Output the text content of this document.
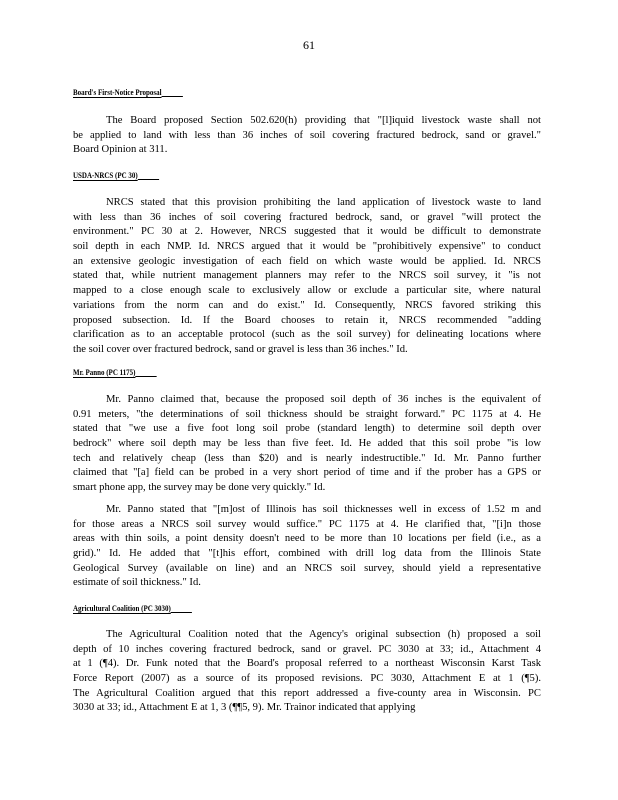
61
Board's First-Notice Proposal
The Board proposed Section 502.620(h) providing that "[l]iquid livestock waste shall not
be applied to land with less than 36 inches of soil covering fractured bedrock, sand or gravel."
Board Opinion at 311.
USDA-NRCS (PC 30)
NRCS stated that this provision prohibiting the land application of livestock waste to land
with less than 36 inches of soil covering fractured bedrock, sand, or gravel "will protect the
environment." PC 30 at 2. However, NRCS suggested that it would be difficult to demonstrate
soil depth in each NMP. Id. NRCS argued that it would be "prohibitively expensive" to conduct
an extensive geologic investigation of each field on which waste would be applied. Id. NRCS
stated that, while nutrient management planners may refer to the NRCS soil survey, it "is not
mapped to a close enough scale to exclusively allow or exclude a particular site, where natural
variations from the norm can and do exist." Id. Consequently, NRCS favored striking this
proposed subsection. Id. If the Board chooses to retain it, NRCS recommended "adding
clarification as to an acceptable protocol (such as the soil survey) for delineating locations where
the soil cover over fractured bedrock, sand or gravel is less than 36 inches." Id.
Mr. Panno (PC 1175)
Mr. Panno claimed that, because the proposed soil depth of 36 inches is the equivalent of
0.91 meters, "the determinations of soil thickness should be straight forward." PC 1175 at 4. He
stated that "we use a five foot long soil probe (standard length) to determine soil depth over
bedrock" where soil depth may be less than five feet. Id. He added that this soil probe "is low
tech and relatively cheap (less than $20) and is nearly indestructible." Id. Mr. Panno further
claimed that "[a] field can be probed in a very short period of time and if the prober has a GPS or
smart phone app, the survey may be done very quickly." Id.
Mr. Panno stated that "[m]ost of Illinois has soil thicknesses well in excess of 1.52 m and
for those areas a NRCS soil survey would suffice." PC 1175 at 4. He clarified that, "[i]n those
areas with thin soils, a point density doesn't need to be more than 10 locations per field (i.e., as a
grid)." Id. He added that "[t]his effort, combined with drill log data from the Illinois State
Geological Survey (available on line) and an NRCS soil survey, should yield a representative
estimate of soil thickness." Id.
Agricultural Coalition (PC 3030)
The Agricultural Coalition noted that the Agency's original subsection (h) proposed a soil
depth of 10 inches covering fractured bedrock, sand or gravel. PC 3030 at 33; id., Attachment 4
at 1 (¶4). Dr. Funk noted that the Board's proposal referred to a northeast Wisconsin Karst Task
Force Report (2007) as a source of its proposed revisions. PC 3030, Attachment E at 1 (¶5).
The Agricultural Coalition argued that this report addressed a five-county area in Wisconsin. PC
3030 at 33; id., Attachment E at 1, 3 (¶¶5, 9). Mr. Trainor indicated that applying
